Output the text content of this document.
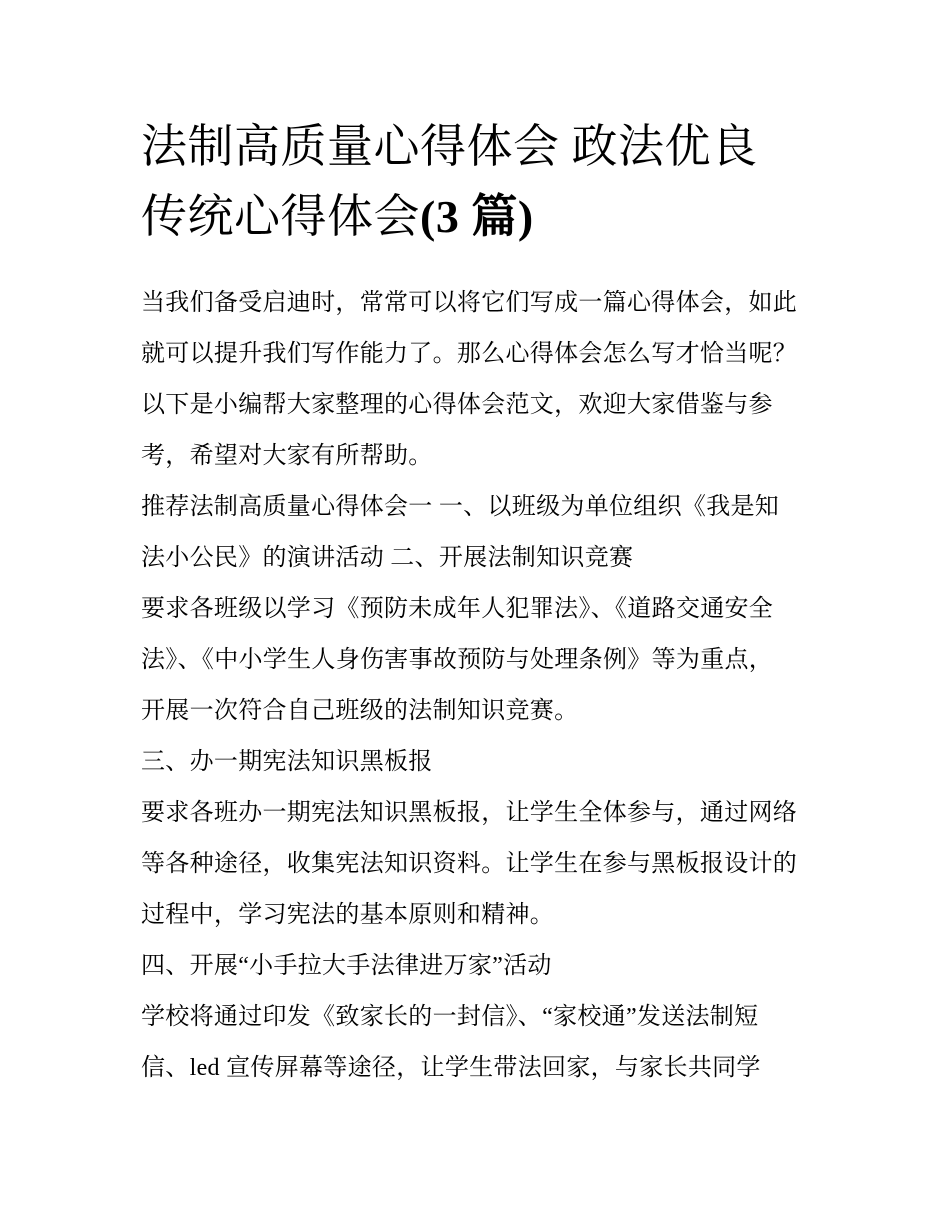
法制高质量心得体会 政法优良
传统心得体会(3 篇)

当我们备受启迪时，常常可以将它们写成一篇心得体会，如此
就可以提升我们写作能力了。那么心得体会怎么写才恰当呢？
以下是小编帮大家整理的心得体会范文，欢迎大家借鉴与参
考，希望对大家有所帮助。

推荐法制高质量心得体会一 一、以班级为单位组织《我是知
法小公民》的演讲活动 二、开展法制知识竞赛

要求各班级以学习《预防未成年人犯罪法》、《道路交通安全
法》、《中小学生人身伤害事故预防与处理条例》等为重点，
开展一次符合自己班级的法制知识竞赛。

三、办一期宪法知识黑板报

要求各班办一期宪法知识黑板报，让学生全体参与，通过网络
等各种途径，收集宪法知识资料。让学生在参与黑板报设计的
过程中，学习宪法的基本原则和精神。

四、开展“小手拉大手法律进万家”活动

学校将通过印发《致家长的一封信》、“家校通”发送法制短
信、led 宣传屏幕等途径，让学生带法回家，与家长共同学
